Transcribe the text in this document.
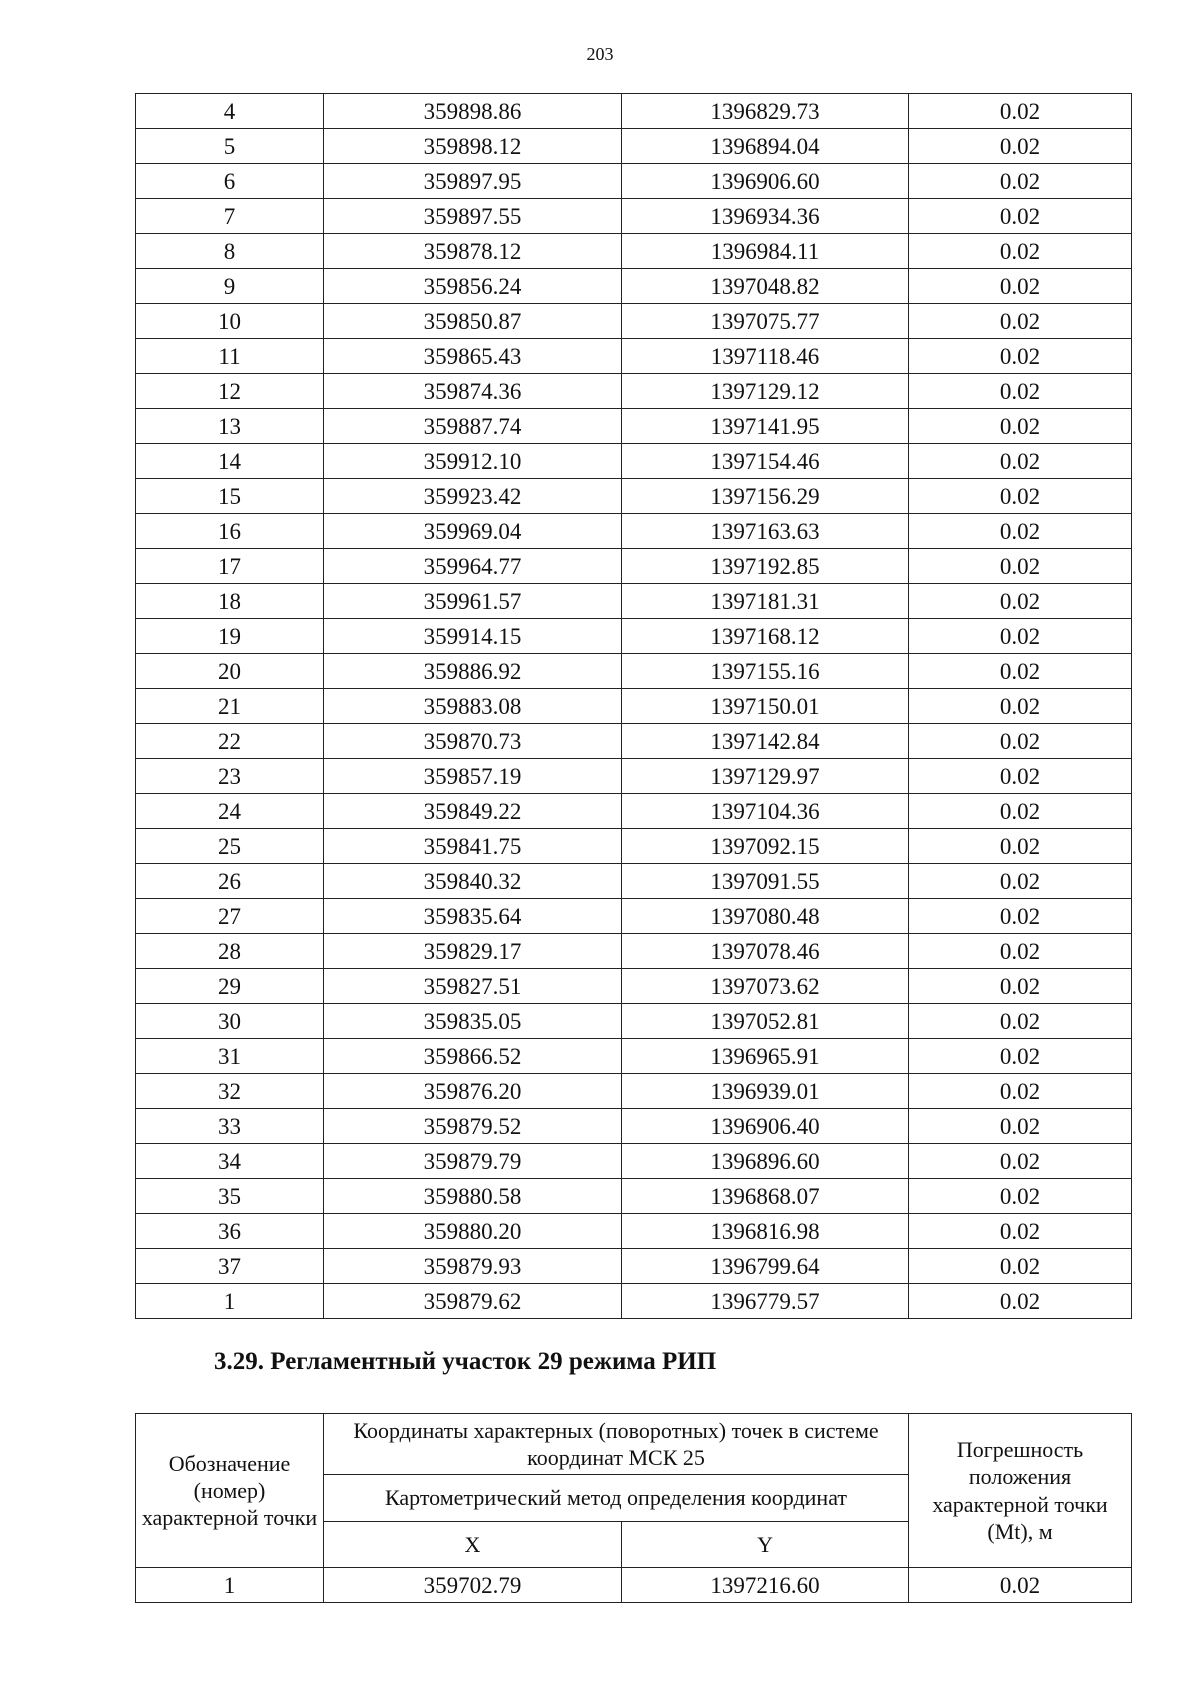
203
4	359898.86	1396829.73	0.02
5	359898.12	1396894.04	0.02
6	359897.95	1396906.60	0.02
7	359897.55	1396934.36	0.02
8	359878.12	1396984.11	0.02
9	359856.24	1397048.82	0.02
10	359850.87	1397075.77	0.02
11	359865.43	1397118.46	0.02
12	359874.36	1397129.12	0.02
13	359887.74	1397141.95	0.02
14	359912.10	1397154.46	0.02
15	359923.42	1397156.29	0.02
16	359969.04	1397163.63	0.02
17	359964.77	1397192.85	0.02
18	359961.57	1397181.31	0.02
19	359914.15	1397168.12	0.02
20	359886.92	1397155.16	0.02
21	359883.08	1397150.01	0.02
22	359870.73	1397142.84	0.02
23	359857.19	1397129.97	0.02
24	359849.22	1397104.36	0.02
25	359841.75	1397092.15	0.02
26	359840.32	1397091.55	0.02
27	359835.64	1397080.48	0.02
28	359829.17	1397078.46	0.02
29	359827.51	1397073.62	0.02
30	359835.05	1397052.81	0.02
31	359866.52	1396965.91	0.02
32	359876.20	1396939.01	0.02
33	359879.52	1396906.40	0.02
34	359879.79	1396896.60	0.02
35	359880.58	1396868.07	0.02
36	359880.20	1396816.98	0.02
37	359879.93	1396799.64	0.02
1	359879.62	1396779.57	0.02
3.29. Регламентный участок 29 режима РИП
Обозначение (номер) характерной точки	Координаты характерных (поворотных) точек в системе координат МСК 25		Погрешность положения характерной точки (Mt), м
	Картометрический метод определения координат		
	X	Y	
1	359702.79	1397216.60	0.02
